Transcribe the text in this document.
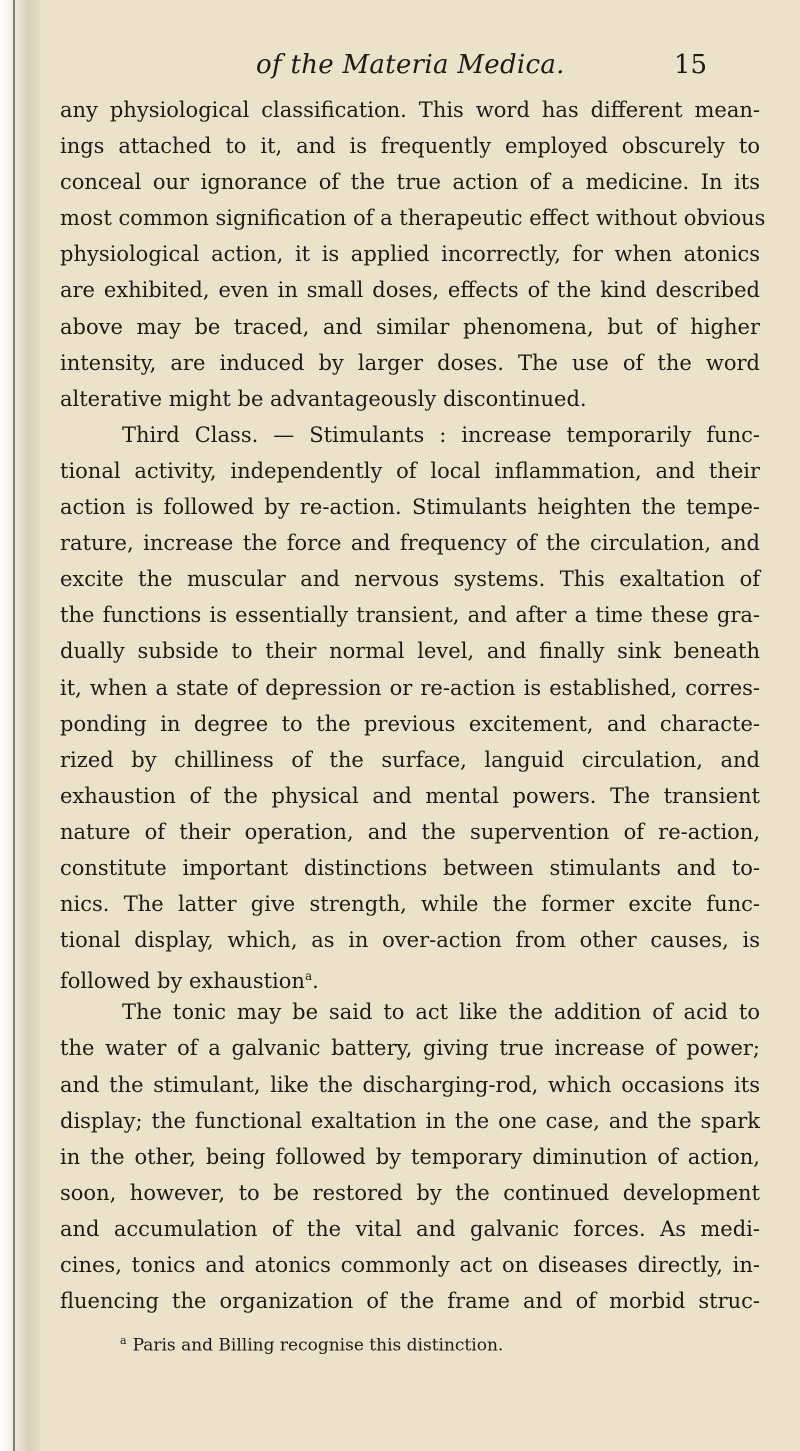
of the Materia Medica.	15
any physiological classification. This word has different mean-
ings attached to it, and is frequently employed obscurely to
conceal our ignorance of the true action of a medicine. In its
most common signification of a therapeutic effect without obvious
physiological action, it is applied incorrectly, for when atonics
are exhibited, even in small doses, effects of the kind described
above may be traced, and similar phenomena, but of higher
intensity, are induced by larger doses. The use of the word
alterative might be advantageously discontinued.
Third Class. — Stimulants : increase temporarily func-
tional activity, independently of local inflammation, and their
action is followed by re-action. Stimulants heighten the tempe-
rature, increase the force and frequency of the circulation, and
excite the muscular and nervous systems. This exaltation of
the functions is essentially transient, and after a time these gra-
dually subside to their normal level, and finally sink beneath
it, when a state of depression or re-action is established, corres-
ponding in degree to the previous excitement, and characte-
rized by chilliness of the surface, languid circulation, and
exhaustion of the physical and mental powers. The transient
nature of their operation, and the supervention of re-action,
constitute important distinctions between stimulants and to-
nics. The latter give strength, while the former excite func-
tional display, which, as in over-action from other causes, is
followed by exhaustion$^a$.
The tonic may be said to act like the addition of acid to
the water of a galvanic battery, giving true increase of power;
and the stimulant, like the discharging-rod, which occasions its
display; the functional exaltation in the one case, and the spark
in the other, being followed by temporary diminution of action,
soon, however, to be restored by the continued development
and accumulation of the vital and galvanic forces. As medi-
cines, tonics and atonics commonly act on diseases directly, in-
fluencing the organization of the frame and of morbid struc-
$^a$ Paris and Billing recognise this distinction.
